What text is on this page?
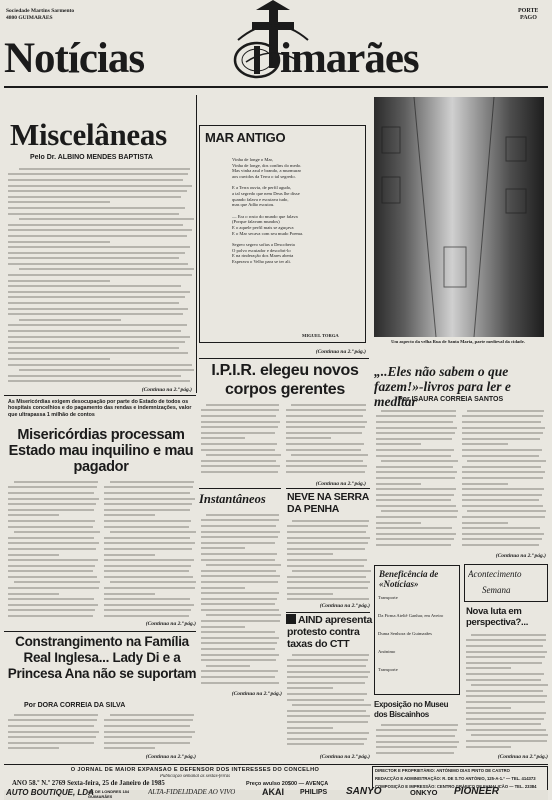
Sociedade Martins Sarmento
4800 GUIMARÃES
PORTE
PAGO
Notícias	imarães
Miscelâneas
Pelo Dr. ALBINO MENDES BAPTISTA
(Continua na 2.ª pág.)
MAR ANTIGO
Vinha de longe o Mar,
Vinha de longe, dos confins do medo.
Mas vinha azul e brando, a murmurar
aos ouvidos da Terra o tal segredo.
E a Terra ouvia, de perfil agudo,
a tal segredo que nem Deus lhe disse
quando falava e escutava tudo,
mas que Adão escutou.
— Era o rosto do mundo que falava
(Porque falavam mundos)
E o aquele perfil mais se aguçava
E o Mar secava com seu mudo Poema.
Segreo segreo sofias a Descoberta
O polvo escutador e descobri-lo
E na rinderação dos Mares aberta
Esperava o Velho para se ter ali.
MIGUEL TORGA
(Continua na 2.ª pág.)
Um aspecto da velha Rua de Santa Maria, parte medieval da cidade.
As Misericórdias exigem desocupação por parte do Estado de todos os hospitais concelhios e do pagamento das rendas e indemnizações, valor que ultrapassa 1 milhão de contos
Misericórdias processam Estado mau inquilino e mau pagador
(Continua na 2.ª pág.)
I.P.I.R. elegeu novos corpos gerentes
(Continua na 2.ª pág.)
„..Eles não sabem o que fazem!»-livros para ler e meditar
Por ISAURA CORREIA SANTOS
(Continua na 2.ª pág.)
Instantâneos
(Continua na 2.ª pág.)
NEVE NA SERRA DA PENHA
(Continua na 2.ª pág.)
Constrangimento na Família Real Inglesa... Lady Di e a Princesa Ana não se suportam
Por DORA CORREIA DA SILVA
(Continua na 2.ª pág.)
AIND apresenta protesto contra taxas do CTT
(Continua na 2.ª pág.)
Beneficência de «Notícias»
Transporte
Da Firma Ateliê Ganhar, em Aveiro
Duma Senhora de Guimarães
Anónimo
Transporte
Exposição no Museu dos Biscainhos
Acontecimento
Semana
Nova luta em perspectiva?...
(Continua na 2.ª pág.)
O JORNAL DE MAIOR EXPANSÃO E DEFENSOR DOS INTERESSES DO CONCELHO
Publicação semanal às sextas-feiras
ANO 58.º N.º 2769 Sexta-feira, 25 de Janeiro de 1985	Preço avulso 20$00 — AVENÇA
DIRECTOR E PROPRIETÁRIO: ANTÓNIMO DIAS PINTO DE CASTRO
REDACÇÃO E ADMINISTRAÇÃO: R. DE S.TO ANTÓNIO, 125-A-1.º — TEL. 414373
COMPOSIÇÃO E IMPRESSÃO: CENTRO GRÁFICO DE FAMALICÃO — TEL. 23384
AUTO BOUTIQUE, LDA
AV. DE LONDRES 184
GUIMARÃES
ALTA-FIDELIDADE AO VIVO	AKAI PHILIPS SANYO	ONKYO PIONEER
